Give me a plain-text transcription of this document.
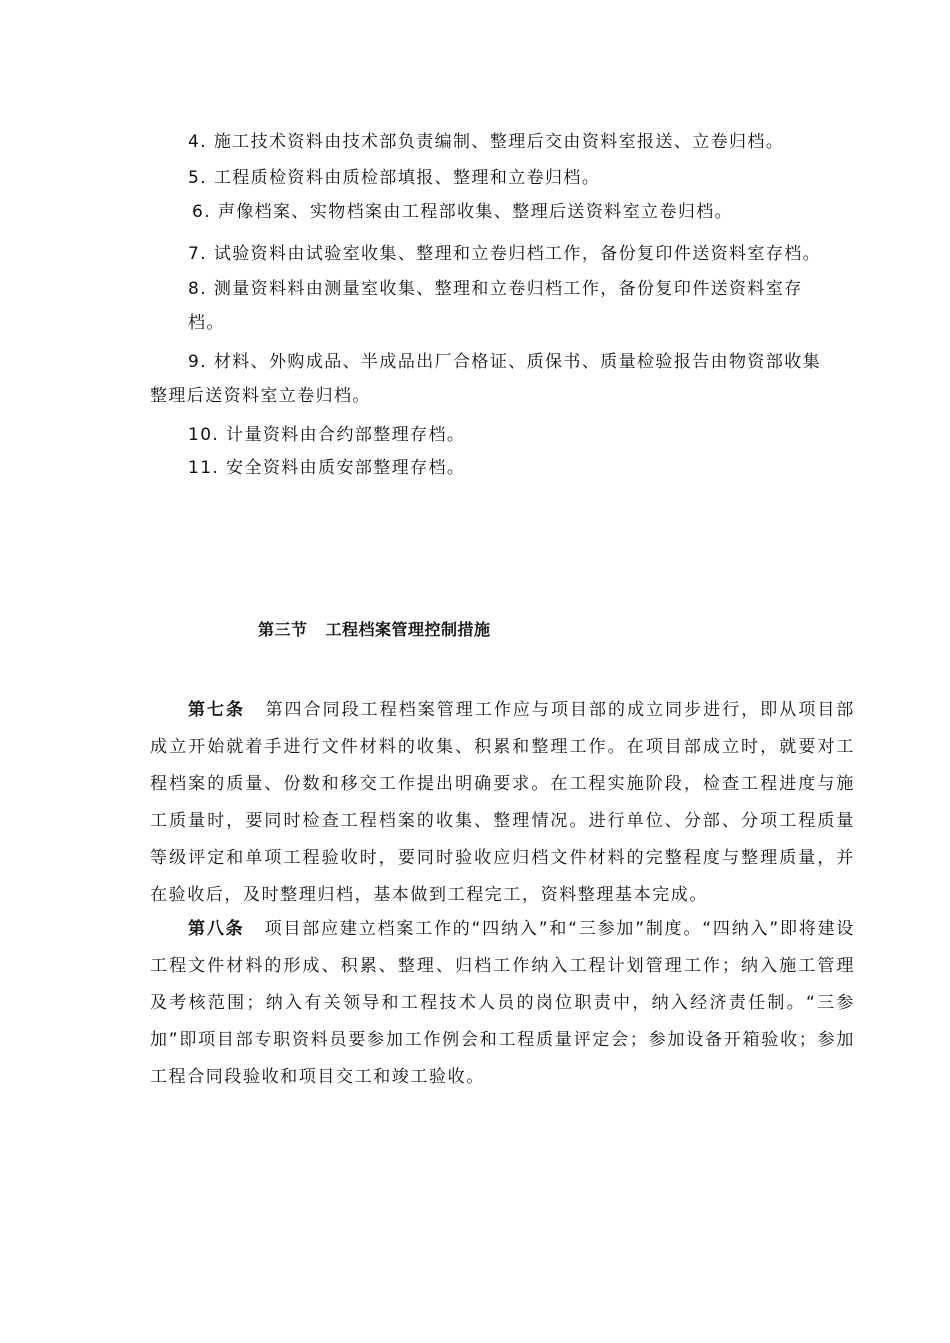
4. 施工技术资料由技术部负责编制、整理后交由资料室报送、立卷归档。
5. 工程质检资料由质检部填报、整理和立卷归档。
6. 声像档案、实物档案由工程部收集、整理后送资料室立卷归档。
7. 试验资料由试验室收集、整理和立卷归档工作，备份复印件送资料室存档。
8. 测量资料料由测量室收集、整理和立卷归档工作，备份复印件送资料室存
档。
9. 材料、外购成品、半成品出厂合格证、质保书、质量检验报告由物资部收集
整理后送资料室立卷归档。
10. 计量资料由合约部整理存档。
11. 安全资料由质安部整理存档。
第三节 工程档案管理控制措施
第七条 第四合同段工程档案管理工作应与项目部的成立同步进行，即从项目部成立开始就着手进行文件材料的收集、积累和整理工作。在项目部成立时，就要对工程档案的质量、份数和移交工作提出明确要求。在工程实施阶段，检查工程进度与施工质量时，要同时检查工程档案的收集、整理情况。进行单位、分部、分项工程质量等级评定和单项工程验收时，要同时验收应归档文件材料的完整程度与整理质量，并在验收后，及时整理归档，基本做到工程完工，资料整理基本完成。
第八条 项目部应建立档案工作的“四纳入”和“三参加”制度。“四纳入”即将建设工程文件材料的形成、积累、整理、归档工作纳入工程计划管理工作；纳入施工管理及考核范围；纳入有关领导和工程技术人员的岗位职责中，纳入经济责任制。“三参加”即项目部专职资料员要参加工作例会和工程质量评定会；参加设备开箱验收；参加工程合同段验收和项目交工和竣工验收。
